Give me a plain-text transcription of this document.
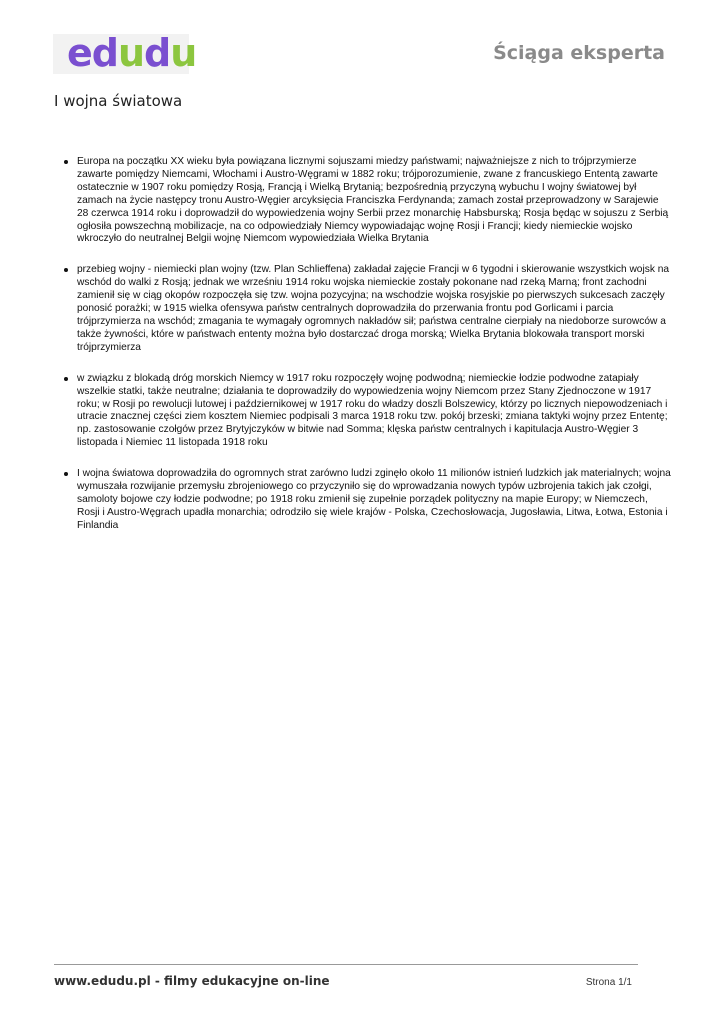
edudu	Ściąga eksperta
I wojna światowa
Europa na początku XX wieku była powiązana licznymi sojuszami miedzy państwami; najważniejsze z nich to trójprzymierze zawarte pomiędzy Niemcami, Włochami i Austro-Węgrami w 1882 roku; trójporozumienie, zwane z francuskiego Ententą zawarte ostatecznie w 1907 roku pomiędzy Rosją, Francją i Wielką Brytanią; bezpośrednią przyczyną wybuchu I wojny światowej był zamach na życie następcy tronu Austro-Węgier arcyksięcia Franciszka Ferdynanda; zamach został przeprowadzony w Sarajewie 28 czerwca 1914 roku i doprowadził do wypowiedzenia wojny Serbii przez monarchię Habsburską; Rosja będąc w sojuszu z Serbią ogłosiła powszechną mobilizacje, na co odpowiedziały Niemcy wypowiadając wojnę Rosji i Francji; kiedy niemieckie wojsko wkroczyło do neutralnej Belgii wojnę Niemcom wypowiedziała Wielka Brytania
przebieg wojny - niemiecki plan wojny (tzw. Plan Schlieffena) zakładał zajęcie Francji w 6 tygodni i skierowanie wszystkich wojsk na wschód do walki z Rosją; jednak we wrześniu 1914 roku wojska niemieckie zostały pokonane nad rzeką Marną; front zachodni zamienił się w ciąg okopów rozpoczęła się tzw. wojna pozycyjna; na wschodzie wojska rosyjskie po pierwszych sukcesach zaczęły ponosić porażki; w 1915 wielka ofensywa państw centralnych doprowadziła do przerwania frontu pod Gorlicami i parcia trójprzymierza na wschód; zmagania te wymagały ogromnych nakładów sił; państwa centralne cierpiały na niedoborze surowców a także żywności, które w państwach ententy można było dostarczać droga morską; Wielka Brytania blokowała transport morski trójprzymierza
w związku z blokadą dróg morskich Niemcy w 1917 roku rozpoczęły wojnę podwodną; niemieckie łodzie podwodne zatapiały wszelkie statki, także neutralne; działania te doprowadziły do wypowiedzenia wojny Niemcom przez Stany Zjednoczone w 1917 roku; w Rosji po rewolucji lutowej i październikowej w 1917 roku do władzy doszli Bolszewicy, którzy po licznych niepowodzeniach i utracie znacznej części ziem kosztem Niemiec podpisali 3 marca 1918 roku tzw. pokój brzeski; zmiana taktyki wojny przez Ententę; np. zastosowanie czołgów przez Brytyjczyków w bitwie nad Somma; klęska państw centralnych i kapitulacja Austro-Węgier 3 listopada i Niemiec 11 listopada 1918 roku
I wojna światowa doprowadziła do ogromnych strat zarówno ludzi zginęło około 11 milionów istnień ludzkich jak materialnych; wojna wymuszała rozwijanie przemysłu zbrojeniowego co przyczyniło się do wprowadzania nowych typów uzbrojenia takich jak czołgi, samoloty bojowe czy łodzie podwodne; po 1918 roku zmienił się zupełnie porządek polityczny na mapie Europy; w Niemczech, Rosji i Austro-Węgrach upadła monarchia; odrodziło się wiele krajów - Polska, Czechosłowacja, Jugosławia, Litwa, Łotwa, Estonia i Finlandia
www.edudu.pl - filmy edukacyjne on-line	Strona 1/1
